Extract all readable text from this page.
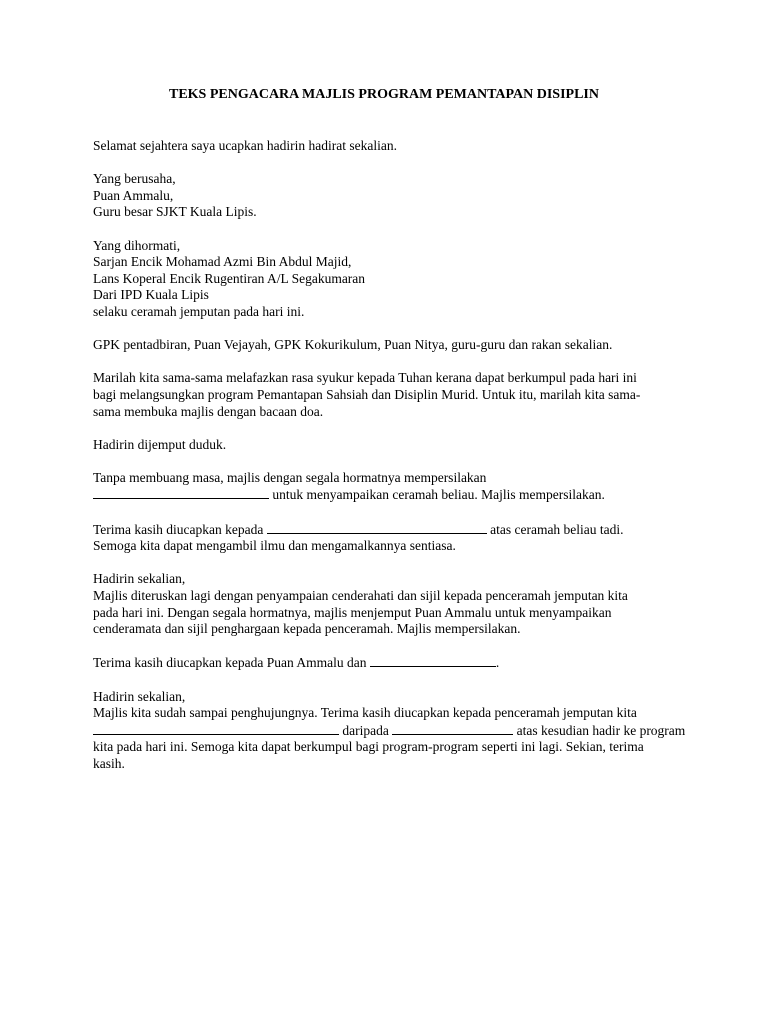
TEKS PENGACARA MAJLIS PROGRAM PEMANTAPAN DISIPLIN

Selamat sejahtera saya ucapkan hadirin hadirat sekalian.

Yang berusaha,
Puan Ammalu,
Guru besar SJKT Kuala Lipis.

Yang dihormati,
Sarjan Encik Mohamad Azmi Bin Abdul Majid,
Lans Koperal Encik Rugentiran A/L Segakumaran
Dari IPD Kuala Lipis
selaku ceramah jemputan pada hari ini.

GPK pentadbiran, Puan Vejayah, GPK Kokurikulum, Puan Nitya, guru-guru dan rakan sekalian.

Marilah kita sama-sama melafazkan rasa syukur kepada Tuhan kerana dapat berkumpul pada hari ini
bagi melangsungkan program Pemantapan Sahsiah dan Disiplin Murid. Untuk itu, marilah kita sama-
sama membuka majlis dengan bacaan doa.

Hadirin dijemput duduk.

Tanpa membuang masa, majlis dengan segala hormatnya mempersilakan
untuk menyampaikan ceramah beliau. Majlis mempersilakan.

Terima kasih diucapkan kepada	atas ceramah beliau tadi.
Semoga kita dapat mengambil ilmu dan mengamalkannya sentiasa.

Hadirin sekalian,
Majlis diteruskan lagi dengan penyampaian cenderahati dan sijil kepada penceramah jemputan kita
pada hari ini. Dengan segala hormatnya, majlis menjemput Puan Ammalu untuk menyampaikan
cenderamata dan sijil penghargaan kepada penceramah. Majlis mempersilakan.

Terima kasih diucapkan kepada Puan Ammalu dan	.

Hadirin sekalian,
Majlis kita sudah sampai penghujungnya. Terima kasih diucapkan kepada penceramah jemputan kita
daripada	atas kesudian hadir ke program
kita pada hari ini. Semoga kita dapat berkumpul bagi program-program seperti ini lagi. Sekian, terima
kasih.
